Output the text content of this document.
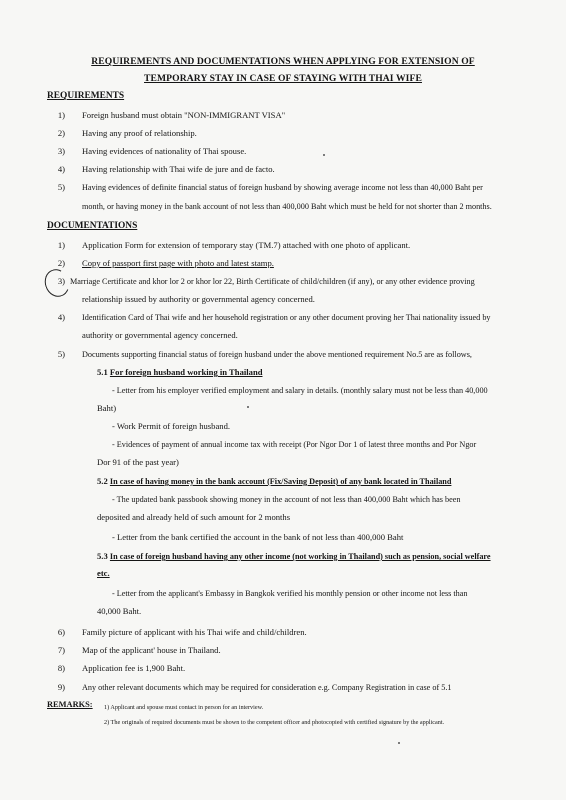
REQUIREMENTS AND DOCUMENTATIONS WHEN APPLYING FOR EXTENSION OF
TEMPORARY STAY IN CASE OF STAYING WITH THAI WIFE
REQUIREMENTS
1) Foreign husband must obtain "NON-IMMIGRANT VISA"
2) Having any proof of relationship.
3) Having evidences of nationality of Thai spouse.
4) Having relationship with Thai wife de jure and de facto.
5) Having evidences of definite financial status of foreign husband by showing average income not less than 40,000 Baht per
month, or having money in the bank account of not less than 400,000 Baht which must be held for not shorter than 2 months.
DOCUMENTATIONS
1) Application Form for extension of temporary stay (TM.7) attached with one photo of applicant.
2) Copy of passport first page with photo and latest stamp.
3) Marriage Certificate and khor lor 2 or khor lor 22, Birth Certificate of child/children (if any), or any other evidence proving
relationship issued by authority or governmental agency concerned.
4) Identification Card of Thai wife and her household registration or any other document proving her Thai nationality issued by
authority or governmental agency concerned.
5) Documents supporting financial status of foreign husband under the above mentioned requirement No.5 are as follows,
5.1 For foreign husband working in Thailand
- Letter from his employer verified employment and salary in details. (monthly salary must not be less than 40,000
Baht)
- Work Permit of foreign husband.
- Evidences of payment of annual income tax with receipt (Por Ngor Dor 1 of latest three months and Por Ngor
Dor 91 of the past year)
5.2 In case of having money in the bank account (Fix/Saving Deposit) of any bank located in Thailand
- The updated bank passbook showing money in the account of not less than 400,000 Baht which has been
deposited and already held of such amount for 2 months
- Letter from the bank certified the account in the bank of not less than 400,000 Baht
5.3 In case of foreign husband having any other income (not working in Thailand) such as pension, social welfare
etc.
- Letter from the applicant's Embassy in Bangkok verified his monthly pension or other income not less than
40,000 Baht.
6) Family picture of applicant with his Thai wife and child/children.
7) Map of the applicant' house in Thailand.
8) Application fee is 1,900 Baht.
9) Any other relevant documents which may be required for consideration e.g. Company Registration in case of 5.1
REMARKS: 1) Applicant and spouse must contact in person for an interview.
2) The originals of required documents must be shown to the competent officer and photocopied with certified signature by the applicant.
